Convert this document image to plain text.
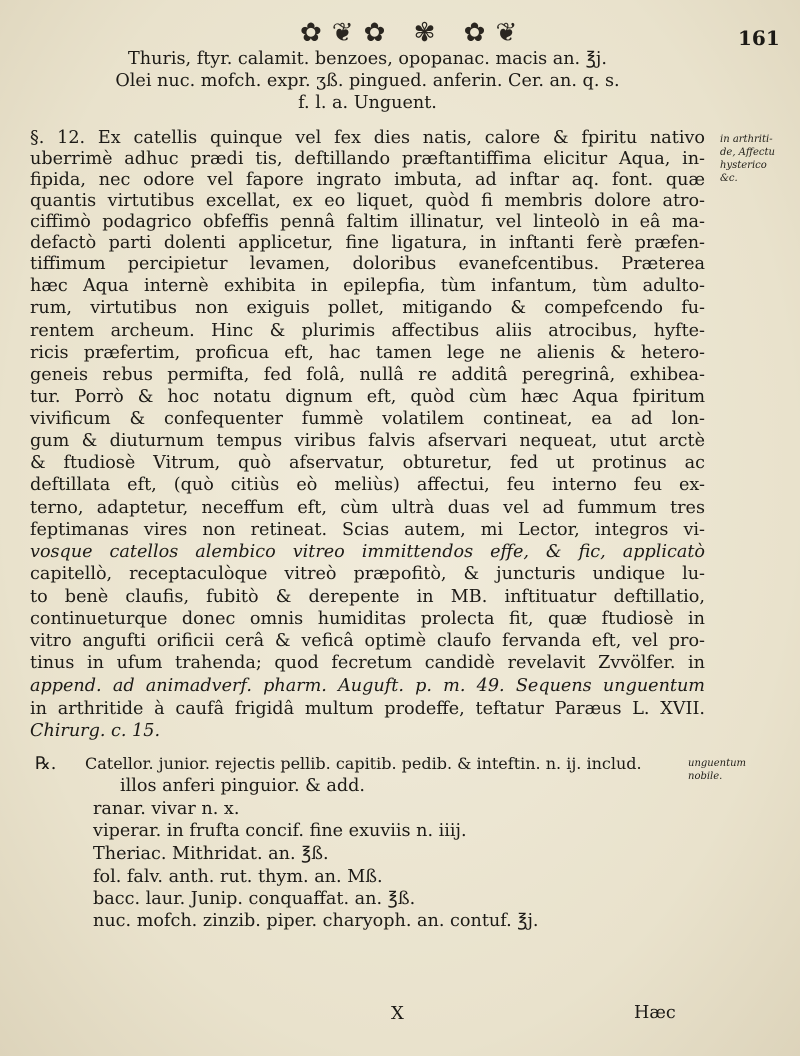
✿❦✿ ✾ ✿❦	161
Thuris, ftyr. calamit. benzoes, opopanac. macis an. ℥j.
Olei nuc. mofch. expr. ʒß. pingued. anferin. Cer. an. q. s.
f. l. a. Unguent.
§. 12. Ex catellis quinque vel fex dies natis, calore & fpiritu nativo
uberrimè adhuc prædi tis, deftillando præftantiffima elicitur Aqua, in-
fipida, nec odore vel fapore ingrato imbuta, ad inftar aq. font. quæ
quantis virtutibus excellat, ex eo liquet, quòd fi membris dolore atro-
ciffimò podagrico obfeffis pennâ faltim illinatur, vel linteolò in eâ ma-
defactò parti dolenti applicetur, fine ligatura, in inftanti ferè præfen-
tiffimum percipietur levamen, doloribus evanefcentibus. Præterea
hæc Aqua internè exhibita in epilepfia, tùm infantum, tùm adulto-
rum, virtutibus non exiguis pollet, mitigando & compefcendo fu-
rentem archeum. Hinc & plurimis affectibus aliis atrocibus, hyfte-
ricis præfertim, proficua eft, hac tamen lege ne alienis & hetero-
geneis rebus permifta, fed folâ, nullâ re additâ peregrinâ, exhibea-
tur. Porrò & hoc notatu dignum eft, quòd cùm hæc Aqua fpiritum
vivificum & confequenter fummè volatilem contineat, ea ad lon-
gum & diuturnum tempus viribus falvis afservari nequeat, utut arctè
& ftudiosè Vitrum, quò afservatur, obturetur, fed ut protinus ac
deftillata eft, (quò citiùs eò meliùs) affectui, feu interno feu ex-
terno, adaptetur, neceffum eft, cùm ultrà duas vel ad fummum tres
feptimanas vires non retineat. Scias autem, mi Lector, integros vi-
vosque catellos alembico vitreo immittendos effe, & fic, applicatò
capitellò, receptaculòque vitreò præpofitò, & juncturis undique lu-
to benè claufis, fubitò & derepente in MB. inftituatur deftillatio,
continueturque donec omnis humiditas prolecta fit, quæ ftudiosè in
vitro angufti orificii cerâ & veficâ optimè claufo fervanda eft, vel pro-
tinus in ufum trahenda; quod fecretum candidè revelavit Zvvölfer. in
append. ad animadverf. pharm. Auguft. p. m. 49. Sequens unguentum
in arthritide à caufâ frigidâ multum prodeffe, teftatur Paræus L. XVII.
Chirurg. c. 15.
℞. Catellor. junior. rejectis pellib. capitib. pedib. & inteftin. n. ij. includ.
illos anferi pinguior. & add.
ranar. vivar n. x.
viperar. in frufta concif. fine exuviis n. iiij.
Theriac. Mithridat. an. ℥ß.
fol. falv. anth. rut. thym. an. Mß.
bacc. laur. Junip. conquaffat. an. ℥ß.
nuc. mofch. zinzib. piper. charyoph. an. contuf. ℥j.
in arthriti-
de, Affectu
hysterico
&c.
unguentum
nobile.
X	Hæc
